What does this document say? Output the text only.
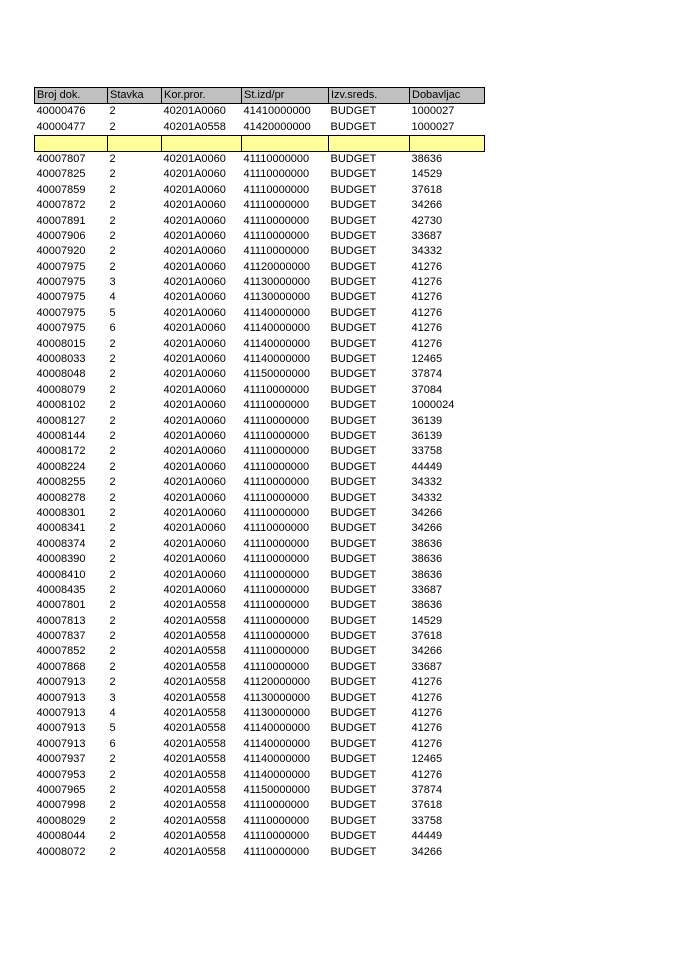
Broj dok.	Stavka	Kor.pror.	St.izd/pr	Izv.sreds.	Dobavljac
40000476	2	40201A0060	41410000000	BUDGET	1000027
40000477	2	40201A0558	41420000000	BUDGET	1000027

40007807	2	40201A0060	41110000000	BUDGET	38636
40007825	2	40201A0060	41110000000	BUDGET	14529
40007859	2	40201A0060	41110000000	BUDGET	37618
40007872	2	40201A0060	41110000000	BUDGET	34266
40007891	2	40201A0060	41110000000	BUDGET	42730
40007906	2	40201A0060	41110000000	BUDGET	33687
40007920	2	40201A0060	41110000000	BUDGET	34332
40007975	2	40201A0060	41120000000	BUDGET	41276
40007975	3	40201A0060	41130000000	BUDGET	41276
40007975	4	40201A0060	41130000000	BUDGET	41276
40007975	5	40201A0060	41140000000	BUDGET	41276
40007975	6	40201A0060	41140000000	BUDGET	41276
40008015	2	40201A0060	41140000000	BUDGET	41276
40008033	2	40201A0060	41140000000	BUDGET	12465
40008048	2	40201A0060	41150000000	BUDGET	37874
40008079	2	40201A0060	41110000000	BUDGET	37084
40008102	2	40201A0060	41110000000	BUDGET	1000024
40008127	2	40201A0060	41110000000	BUDGET	36139
40008144	2	40201A0060	41110000000	BUDGET	36139
40008172	2	40201A0060	41110000000	BUDGET	33758
40008224	2	40201A0060	41110000000	BUDGET	44449
40008255	2	40201A0060	41110000000	BUDGET	34332
40008278	2	40201A0060	41110000000	BUDGET	34332
40008301	2	40201A0060	41110000000	BUDGET	34266
40008341	2	40201A0060	41110000000	BUDGET	34266
40008374	2	40201A0060	41110000000	BUDGET	38636
40008390	2	40201A0060	41110000000	BUDGET	38636
40008410	2	40201A0060	41110000000	BUDGET	38636
40008435	2	40201A0060	41110000000	BUDGET	33687
40007801	2	40201A0558	41110000000	BUDGET	38636
40007813	2	40201A0558	41110000000	BUDGET	14529
40007837	2	40201A0558	41110000000	BUDGET	37618
40007852	2	40201A0558	41110000000	BUDGET	34266
40007868	2	40201A0558	41110000000	BUDGET	33687
40007913	2	40201A0558	41120000000	BUDGET	41276
40007913	3	40201A0558	41130000000	BUDGET	41276
40007913	4	40201A0558	41130000000	BUDGET	41276
40007913	5	40201A0558	41140000000	BUDGET	41276
40007913	6	40201A0558	41140000000	BUDGET	41276
40007937	2	40201A0558	41140000000	BUDGET	12465
40007953	2	40201A0558	41140000000	BUDGET	41276
40007965	2	40201A0558	41150000000	BUDGET	37874
40007998	2	40201A0558	41110000000	BUDGET	37618
40008029	2	40201A0558	41110000000	BUDGET	33758
40008044	2	40201A0558	41110000000	BUDGET	44449
40008072	2	40201A0558	41110000000	BUDGET	34266
